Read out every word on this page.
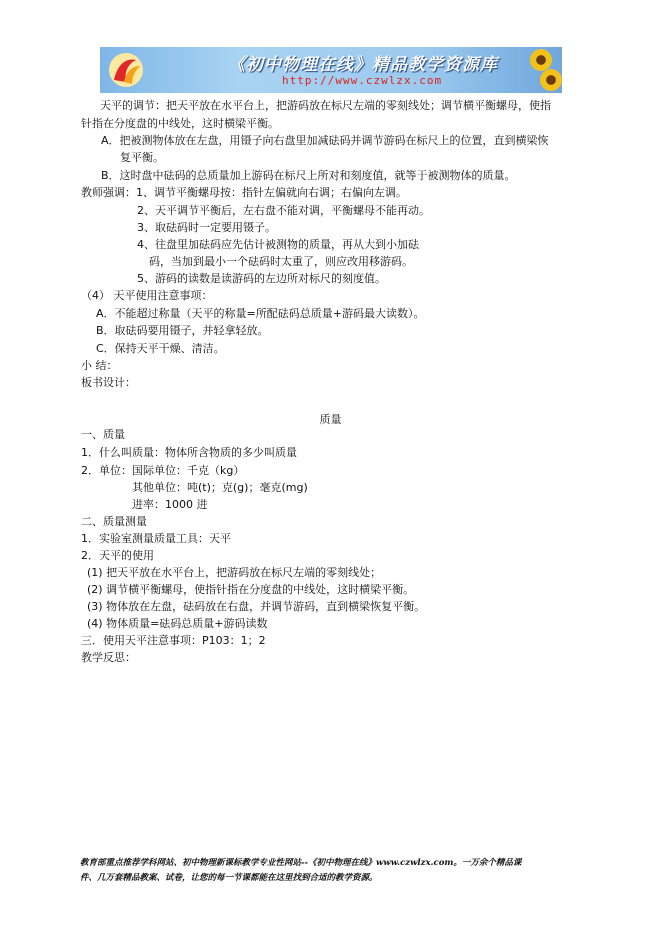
《初中物理在线》精品教学资源库
http://www.czwlzx.com
天平的调节：把天平放在水平台上，把游码放在标尺左端的零刻线处；调节横平衡螺母，使指
针指在分度盘的中线处，这时横梁平衡。
A．把被测物体放在左盘，用镊子向右盘里加减砝码并调节游码在标尺上的位置，直到横梁恢
复平衡。
B．这时盘中砝码的总质量加上游码在标尺上所对和刻度值，就等于被测物体的质量。
教师强调：1、调节平衡螺母按：指针左偏就向右调；右偏向左调。
2、天平调节平衡后，左右盘不能对调，平衡螺母不能再动。
3、取砝码时一定要用镊子。
4、往盘里加砝码应先估计被测物的质量，再从大到小加砝
码，当加到最小一个砝码时太重了，则应改用移游码。
5、游码的读数是读游码的左边所对标尺的刻度值。
（4） 天平使用注意事项：
A．不能超过称量（天平的称量=所配砝码总质量+游码最大读数）。
B．取砝码要用镊子，并轻拿轻放。
C．保持天平干燥、清洁。
小 结：
板书设计：
质量
一、质量
1．什么叫质量：物体所含物质的多少叫质量
2．单位：国际单位：千克（kg）
其他单位：吨(t)；克(g)；毫克(mg)
进率：1000 进
二、质量测量
1．实验室测量质量工具：天平
2．天平的使用
(1) 把天平放在水平台上，把游码放在标尺左端的零刻线处；
(2) 调节横平衡螺母，使指针指在分度盘的中线处，这时横梁平衡。
(3) 物体放在左盘，砝码放在右盘，并调节游码，直到横梁恢复平衡。
(4) 物体质量=砝码总质量+游码读数
三．使用天平注意事项：P103：1；2
教学反思：
教育部重点推荐学科网站、初中物理新课标教学专业性网站--《初中物理在线》www.czwlzx.com。一万余个精品课
件、几万套精品教案、试卷，让您的每一节课都能在这里找到合适的教学资源。
